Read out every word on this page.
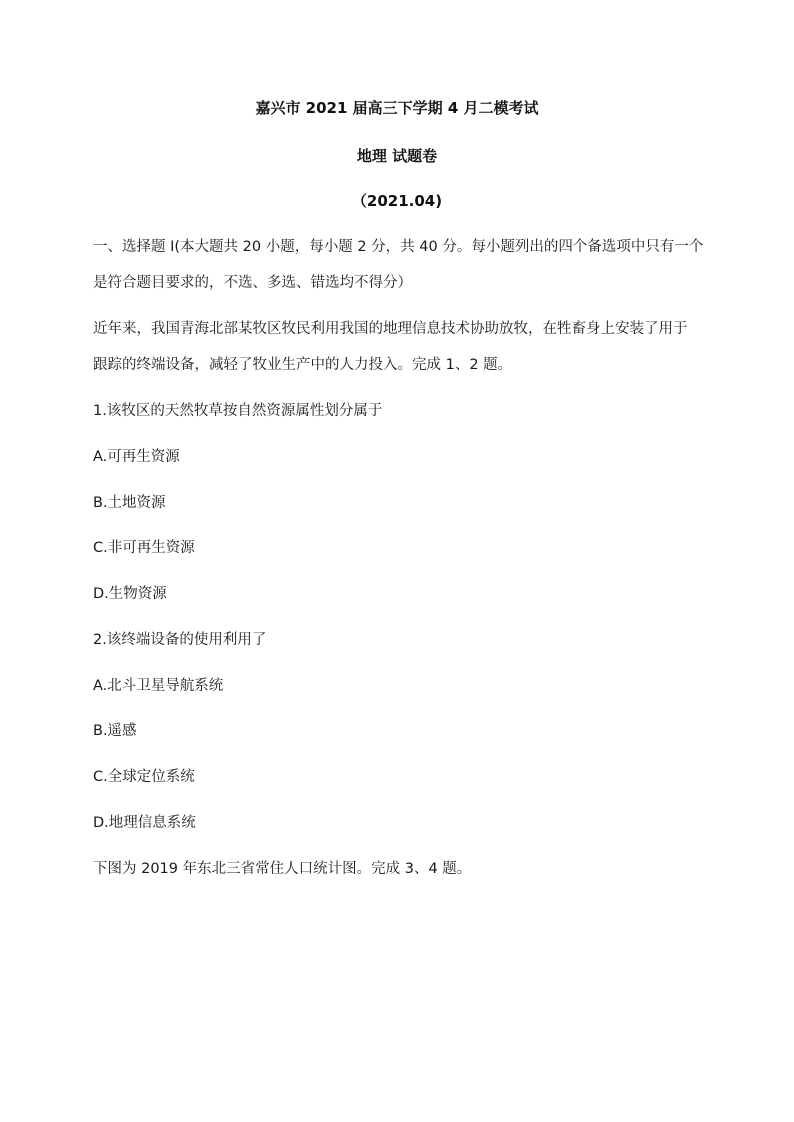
嘉兴市 2021 届高三下学期 4 月二模考试
地理 试题卷
（2021.04)
一、选择题 I(本大题共 20 小题，每小题 2 分，共 40 分。每小题列出的四个备选项中只有一个
是符合题目要求的，不选、多选、错选均不得分）
近年来，我国青海北部某牧区牧民利用我国的地理信息技术协助放牧，在牲畜身上安装了用于
跟踪的终端设备，减轻了牧业生产中的人力投入。完成 1、2 题。
1.该牧区的天然牧草按自然资源属性划分属于
A.可再生资源
B.土地资源
C.非可再生资源
D.生物资源
2.该终端设备的使用利用了
A.北斗卫星导航系统
B.遥感
C.全球定位系统
D.地理信息系统
下图为 2019 年东北三省常住人口统计图。完成 3、4 题。
